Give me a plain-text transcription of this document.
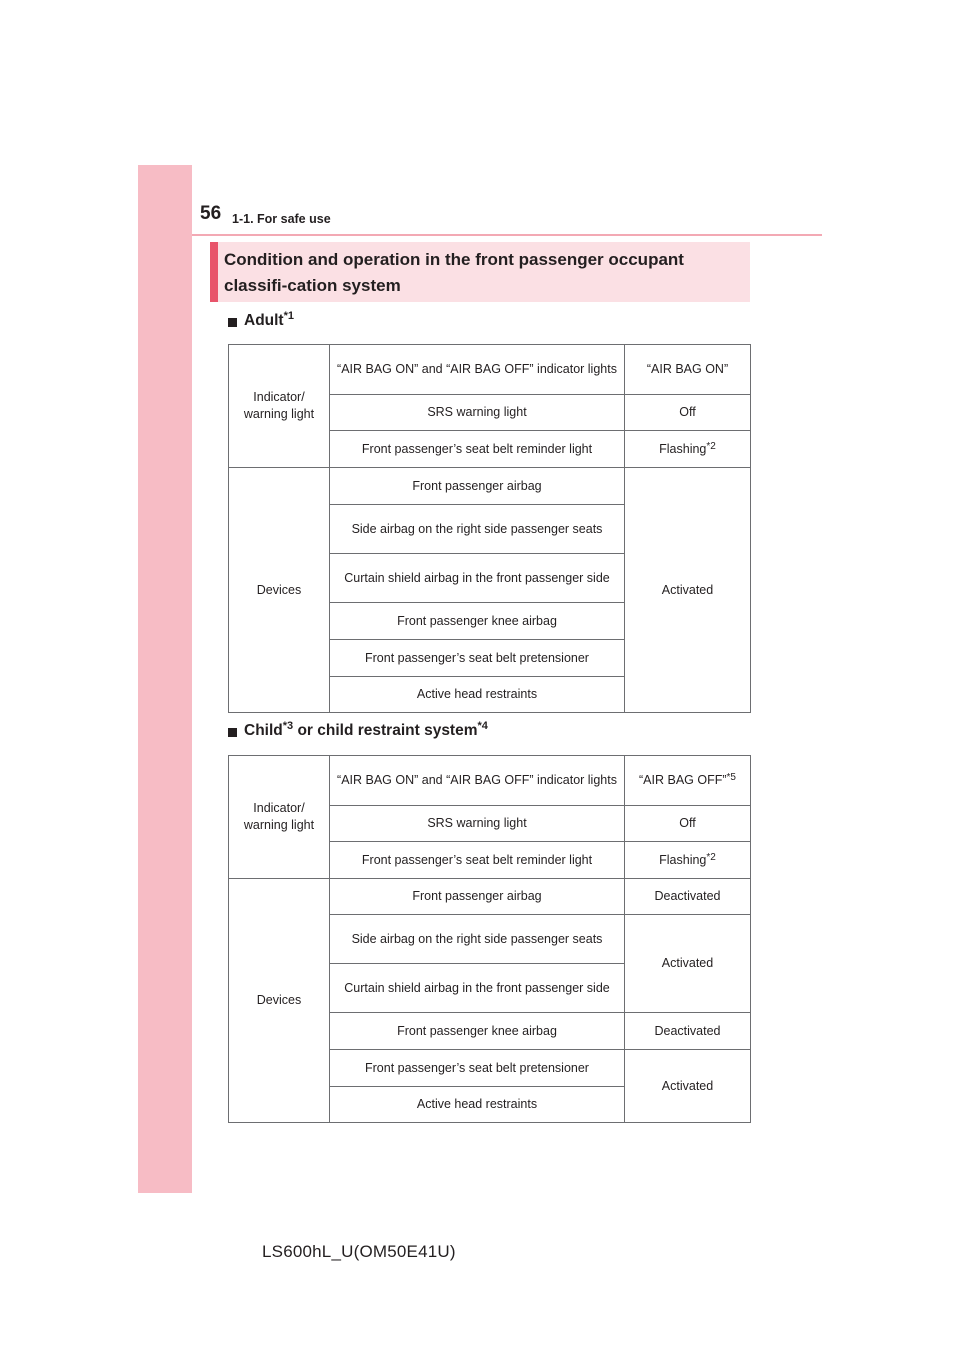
56 1-1. For safe use
Condition and operation in the front passenger occupant classifi-cation system
Adult$^{*1}$
Indicator/ warning light	“AIR BAG ON” and “AIR BAG OFF” indicator lights	“AIR BAG ON”
	SRS warning light	Off
	Front passenger’s seat belt reminder light	Flashing$^{*2}$
Devices	Front passenger airbag	Activated
	Side airbag on the right side passenger seats	
	Curtain shield airbag in the front passenger side	
	Front passenger knee airbag	
	Front passenger’s seat belt pretensioner	
	Active head restraints	
Child$^{*3}$ or child restraint system$^{*4}$
Indicator/ warning light	“AIR BAG ON” and “AIR BAG OFF” indicator lights	“AIR BAG OFF”$^{*5}$
	SRS warning light	Off
	Front passenger’s seat belt reminder light	Flashing$^{*2}$
Devices	Front passenger airbag	Deactivated
	Side airbag on the right side passenger seats	Activated
	Curtain shield airbag in the front passenger side	
	Front passenger knee airbag	Deactivated
	Front passenger’s seat belt pretensioner	Activated
	Active head restraints	
LS600hL_U(OM50E41U)
